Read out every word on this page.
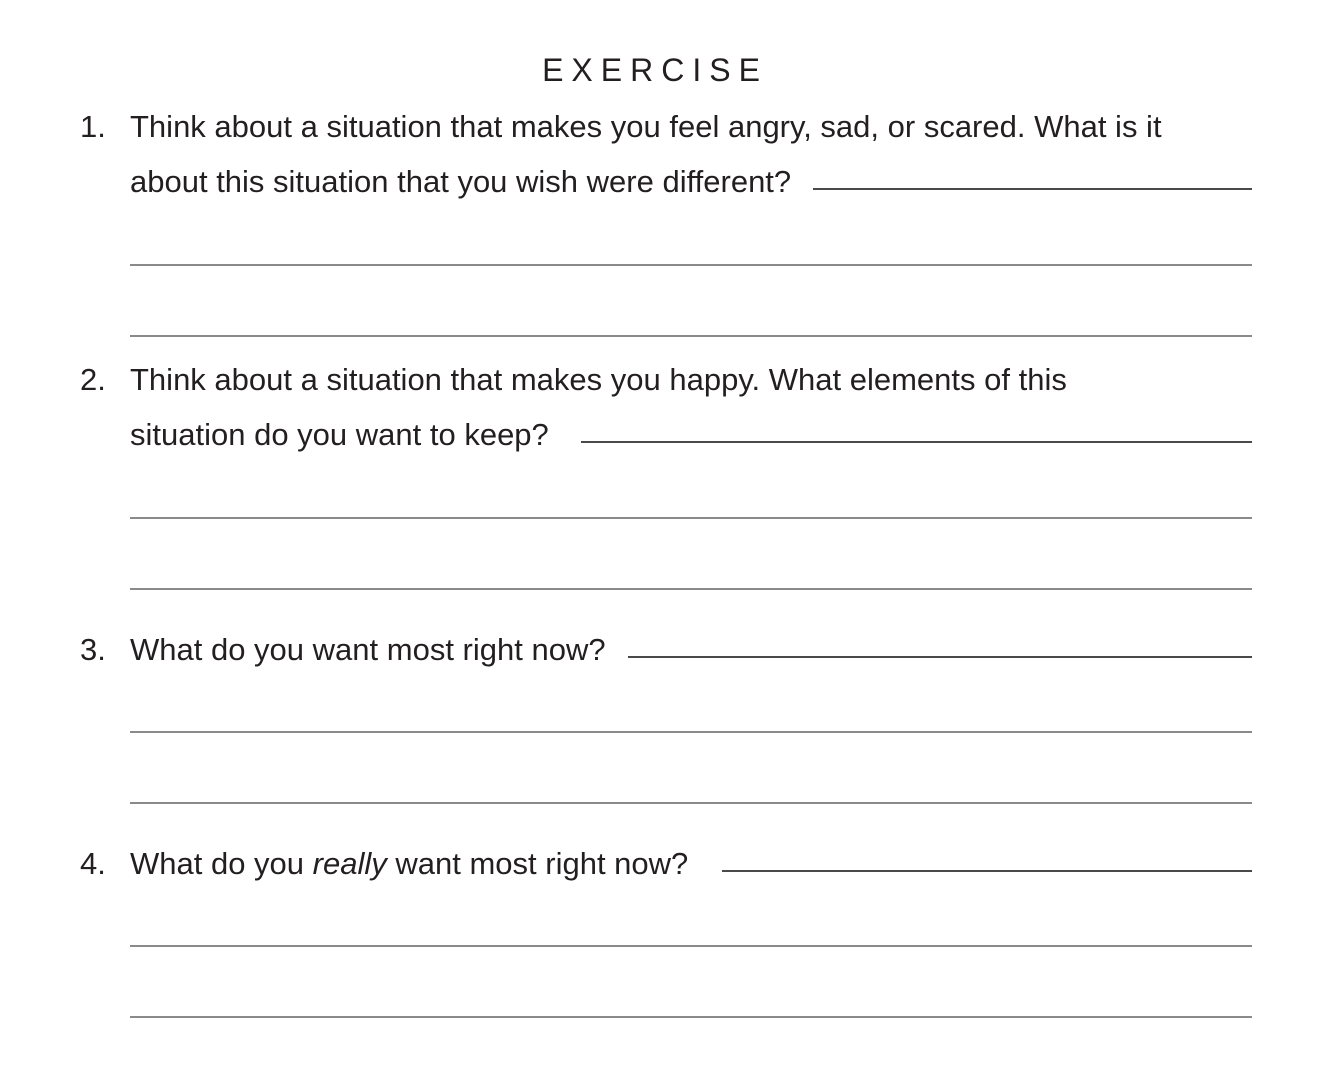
EXERCISE
1. Think about a situation that makes you feel angry, sad, or scared. What is it
about this situation that you wish were different?
2. Think about a situation that makes you happy. What elements of this
situation do you want to keep?
3. What do you want most right now?
4. What do you really want most right now?
